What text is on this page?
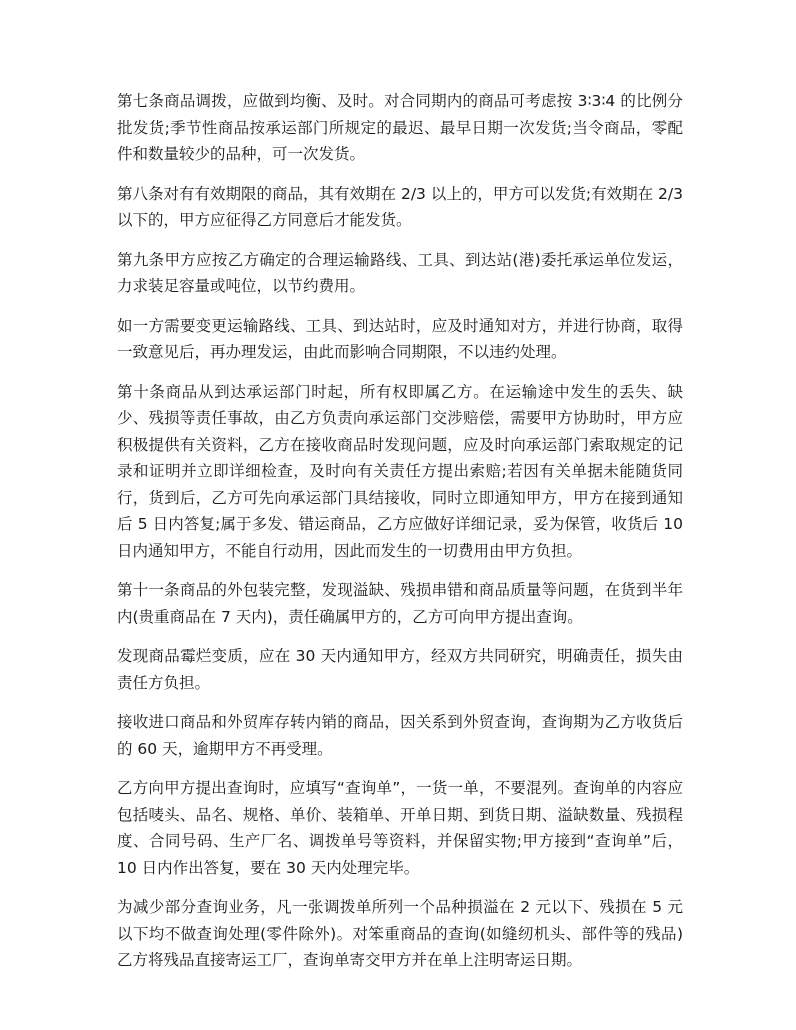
第七条商品调拨，应做到均衡、及时。对合同期内的商品可考虑按 3∶3∶4 的比例分批发货;季节性商品按承运部门所规定的最迟、最早日期一次发货;当令商品，零配件和数量较少的品种，可一次发货。

第八条对有有效期限的商品，其有效期在 2/3 以上的，甲方可以发货;有效期在 2/3 以下的，甲方应征得乙方同意后才能发货。

第九条甲方应按乙方确定的合理运输路线、工具、到达站(港)委托承运单位发运，力求装足容量或吨位，以节约费用。

如一方需要变更运输路线、工具、到达站时，应及时通知对方，并进行协商，取得一致意见后，再办理发运，由此而影响合同期限，不以违约处理。

第十条商品从到达承运部门时起，所有权即属乙方。在运输途中发生的丢失、缺少、残损等责任事故，由乙方负责向承运部门交涉赔偿，需要甲方协助时，甲方应积极提供有关资料，乙方在接收商品时发现问题，应及时向承运部门索取规定的记录和证明并立即详细检查，及时向有关责任方提出索赔;若因有关单据未能随货同行，货到后，乙方可先向承运部门具结接收，同时立即通知甲方，甲方在接到通知后 5 日内答复;属于多发、错运商品，乙方应做好详细记录，妥为保管，收货后 10 日内通知甲方，不能自行动用，因此而发生的一切费用由甲方负担。

第十一条商品的外包装完整，发现溢缺、残损串错和商品质量等问题，在货到半年内(贵重商品在 7 天内)，责任确属甲方的，乙方可向甲方提出查询。

发现商品霉烂变质，应在 30 天内通知甲方，经双方共同研究，明确责任，损失由责任方负担。

接收进口商品和外贸库存转内销的商品，因关系到外贸查询，查询期为乙方收货后的 60 天，逾期甲方不再受理。

乙方向甲方提出查询时，应填写“查询单”，一货一单，不要混列。查询单的内容应包括唛头、品名、规格、单价、装箱单、开单日期、到货日期、溢缺数量、残损程度、合同号码、生产厂名、调拨单号等资料，并保留实物;甲方接到“查询单”后，10 日内作出答复，要在 30 天内处理完毕。

为减少部分查询业务，凡一张调拨单所列一个品种损溢在 2 元以下、残损在 5 元以下均不做查询处理(零件除外)。对笨重商品的查询(如缝纫机头、部件等的残品)乙方将残品直接寄运工厂，查询单寄交甲方并在单上注明寄运日期。
